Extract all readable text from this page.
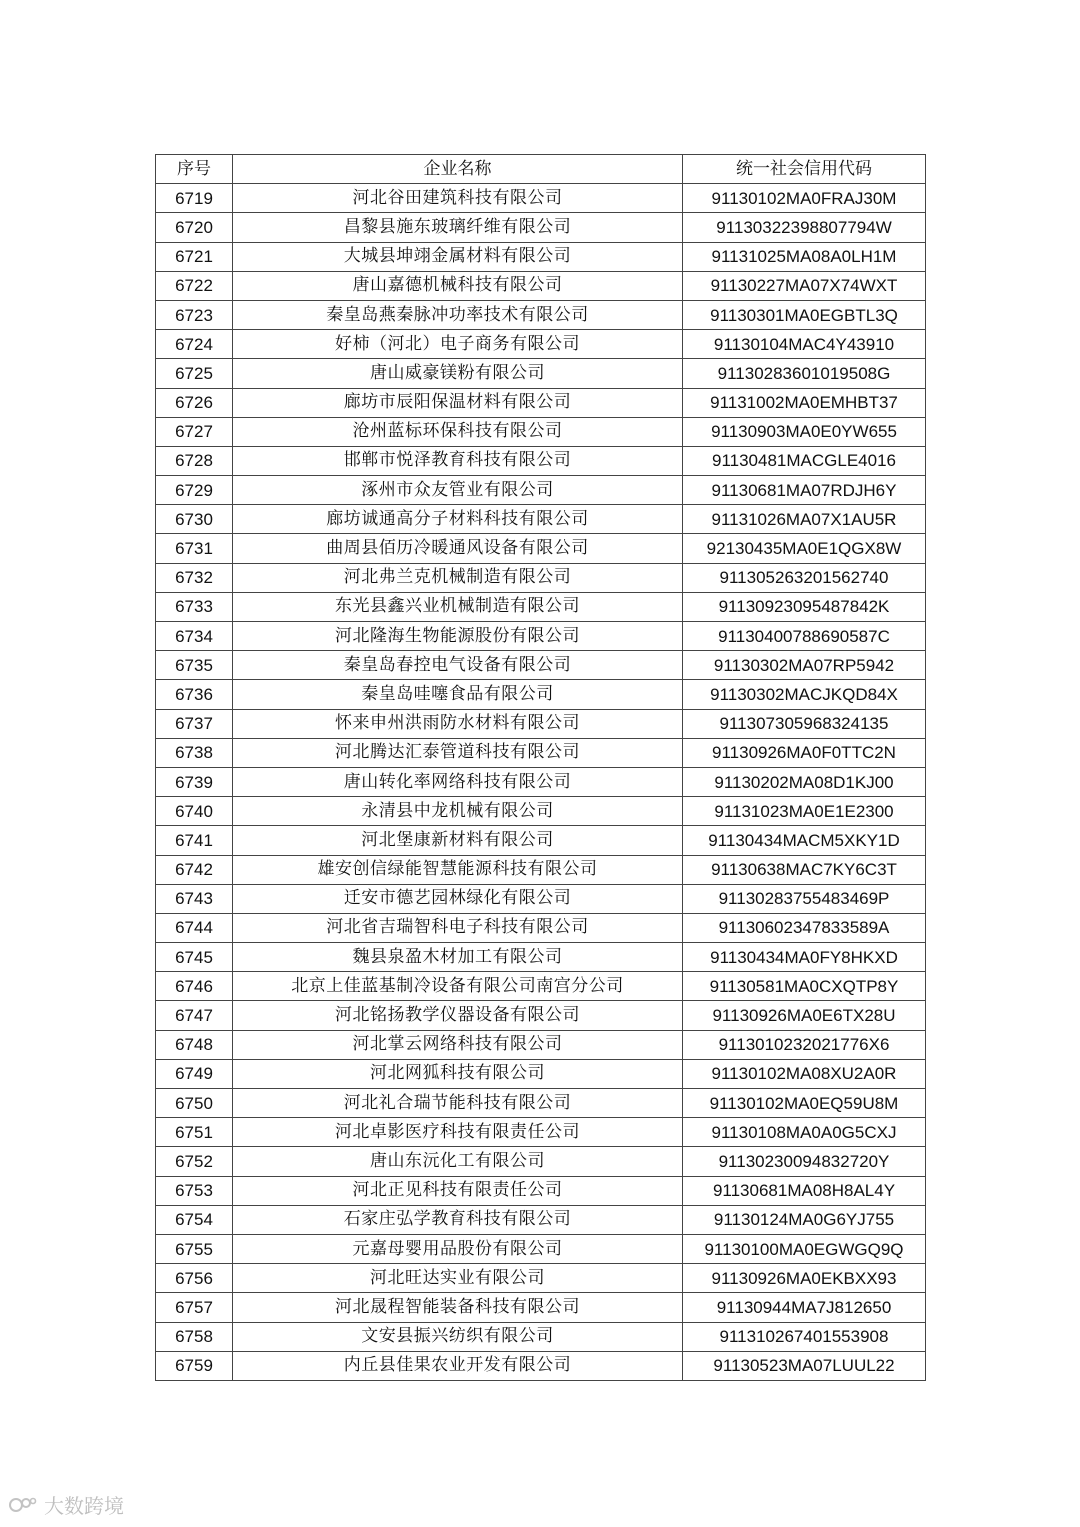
序号	企业名称	统一社会信用代码
6719	河北谷田建筑科技有限公司	91130102MA0FRAJ30M
6720	昌黎县施东玻璃纤维有限公司	91130322398807794W
6721	大城县坤翊金属材料有限公司	91131025MA08A0LH1M
6722	唐山嘉德机械科技有限公司	91130227MA07X74WXT
6723	秦皇岛燕秦脉冲功率技术有限公司	91130301MA0EGBTL3Q
6724	好柿（河北）电子商务有限公司	91130104MAC4Y43910
6725	唐山威豪镁粉有限公司	91130283601019508G
6726	廊坊市辰阳保温材料有限公司	91131002MA0EMHBT37
6727	沧州蓝标环保科技有限公司	91130903MA0E0YW655
6728	邯郸市悦泽教育科技有限公司	91130481MACGLE4016
6729	涿州市众友管业有限公司	91130681MA07RDJH6Y
6730	廊坊诚通高分子材料科技有限公司	91131026MA07X1AU5R
6731	曲周县佰历冷暖通风设备有限公司	92130435MA0E1QGX8W
6732	河北弗兰克机械制造有限公司	911305263201562740
6733	东光县鑫兴业机械制造有限公司	91130923095487842K
6734	河北隆海生物能源股份有限公司	91130400788690587C
6735	秦皇岛春控电气设备有限公司	91130302MA07RP5942
6736	秦皇岛哇噻食品有限公司	91130302MACJKQD84X
6737	怀来申州洪雨防水材料有限公司	911307305968324135
6738	河北腾达汇泰管道科技有限公司	91130926MA0F0TTC2N
6739	唐山转化率网络科技有限公司	91130202MA08D1KJ00
6740	永清县中龙机械有限公司	91131023MA0E1E2300
6741	河北堡康新材料有限公司	91130434MACM5XKY1D
6742	雄安创信绿能智慧能源科技有限公司	91130638MAC7KY6C3T
6743	迁安市德艺园林绿化有限公司	91130283755483469P
6744	河北省吉瑞智科电子科技有限公司	91130602347833589A
6745	魏县泉盈木材加工有限公司	91130434MA0FY8HKXD
6746	北京上佳蓝基制冷设备有限公司南宫分公司	91130581MA0CXQTP8Y
6747	河北铭扬教学仪器设备有限公司	91130926MA0E6TX28U
6748	河北掌云网络科技有限公司	9113010232021776X6
6749	河北网狐科技有限公司	91130102MA08XU2A0R
6750	河北礼合瑞节能科技有限公司	91130102MA0EQ59U8M
6751	河北卓影医疗科技有限责任公司	91130108MA0A0G5CXJ
6752	唐山东沅化工有限公司	91130230094832720Y
6753	河北正见科技有限责任公司	91130681MA08H8AL4Y
6754	石家庄弘学教育科技有限公司	91130124MA0G6YJ755
6755	元嘉母婴用品股份有限公司	91130100MA0EGWGQ9Q
6756	河北旺达实业有限公司	91130926MA0EKBXX93
6757	河北晟程智能装备科技有限公司	91130944MA7J812650
6758	文安县振兴纺织有限公司	911310267401553908
6759	内丘县佳果农业开发有限公司	91130523MA07LUUL22
大数跨境
